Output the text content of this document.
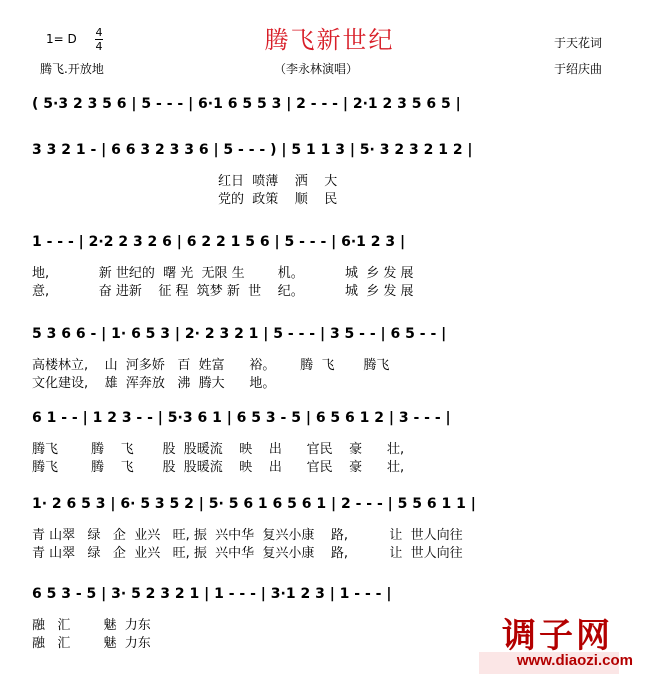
1= D 4
4	腾飞新世纪	于天花词
于绍庆曲
腾飞.开放地	（李永林演唱）
( 5·3 2 3 5 6 | 5 - - - | 6·1 6 5 5 3 | 2 - - - | 2·1 2 3 5 6 5 |
3 3 2 1 - | 6 6 3 2 3 3 6 | 5 - - - ) | 5 1 1 3 | 5· 3 2 3 2 1 2 |
红日  喷薄    洒    大
党的  政策    顺    民
1 - - - | 2·2 2 3 2 6 | 6 2 2 1 5 6 | 5 - - - | 6·1 2 3 |
地,            新 世纪的  曙 光  无限 生        机。          城  乡 发 展
意,            奋 进新    征 程  筑梦 新  世    纪。          城  乡 发 展
5 3 6 6 - | 1· 6 5 3 | 2· 2 3 2 1 | 5 - - - | 3 5 - - | 6 5 - - |
高楼林立,    山  河多娇   百  姓富      裕。      腾  飞       腾飞
文化建设,    雄  浑奔放   沸  腾大      地。
6 1 - - | 1 2 3 - - | 5·3 6 1 | 6 5 3 - 5 | 6 5 6 1 2 | 3 - - - |
腾飞        腾    飞       股  股暖流    映    出      官民    豪      壮,
腾飞        腾    飞       股  股暖流    映    出      官民    豪      壮,
1· 2 6 5 3 | 6· 5 3 5 2 | 5· 5 6 1 6 5 6 1 | 2 - - - | 5 5 6 1 1 |
青 山翠   绿   企  业兴   旺, 振  兴中华  复兴小康    路,          让  世人向往
青 山翠   绿   企  业兴   旺, 振  兴中华  复兴小康    路,          让  世人向往
6 5 3 - 5 | 3· 5 2 3 2 1 | 1 - - - | 3·1 2 3 | 1 - - - |
融   汇        魅  力东
融   汇        魅  力东	调子网
www.diaozi.com
